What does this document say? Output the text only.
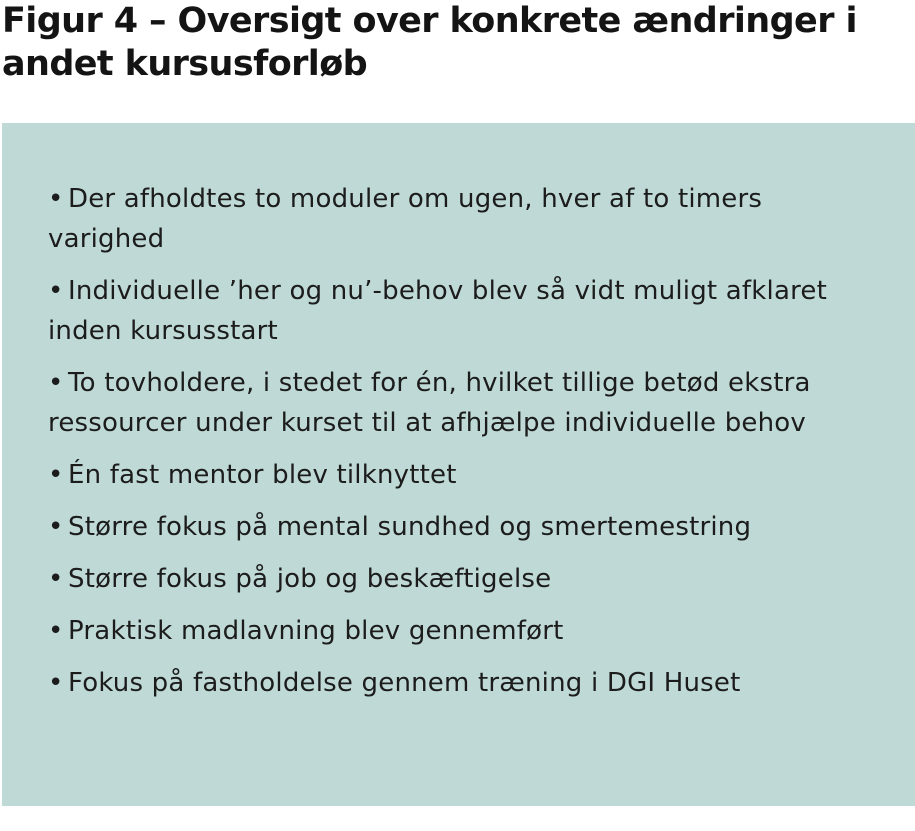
Figur 4 – Oversigt over konkrete ændringer i andet kursusforløb
• Der afholdtes to moduler om ugen, hver af to timers varighed
• Individuelle ’her og nu’-behov blev så vidt muligt afklaret inden kursusstart
• To tovholdere, i stedet for én, hvilket tillige betød ekstra ressourcer under kurset til at afhjælpe individuelle behov
• Én fast mentor blev tilknyttet
• Større fokus på mental sundhed og smertemestring
• Større fokus på job og beskæftigelse
• Praktisk madlavning blev gennemført
• Fokus på fastholdelse gennem træning i DGI Huset
